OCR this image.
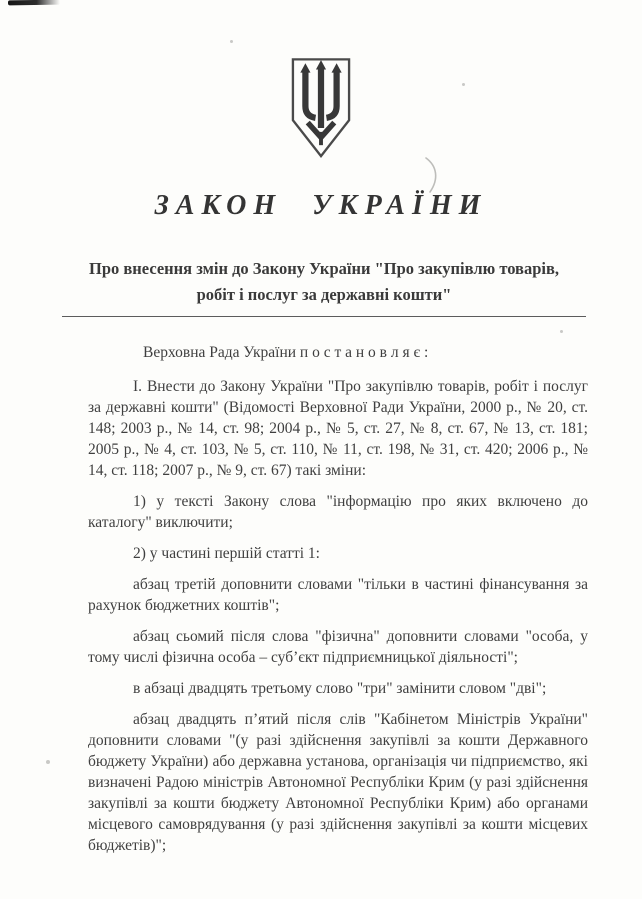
ЗАКОН УКРАЇНИ
Про внесення змін до Закону України "Про закупівлю товарів,
робіт і послуг за державні кошти"

Верховна Рада України п о с т а н о в л я є :

I. Внести до Закону України "Про закупівлю товарів, робіт і послуг за державні кошти" (Відомості Верховної Ради України, 2000 р., № 20, ст. 148; 2003 р., № 14, ст. 98; 2004 р., № 5, ст. 27, № 8, ст. 67, № 13, ст. 181; 2005 р., № 4, ст. 103, № 5, ст. 110, № 11, ст. 198, № 31, ст. 420; 2006 р., № 14, ст. 118; 2007 р., № 9, ст. 67) такі зміни:

1) у тексті Закону слова "інформацію про яких включено до каталогу" виключити;

2) у частині першій статті 1:

абзац третій доповнити словами "тільки в частині фінансування за рахунок бюджетних коштів";

абзац сьомий після слова "фізична" доповнити словами "особа, у тому числі фізична особа – суб’єкт підприємницької діяльності";

в абзаці двадцять третьому слово "три" замінити словом "дві";

абзац двадцять п’ятий після слів "Кабінетом Міністрів України" доповнити словами "(у разі здійснення закупівлі за кошти Державного бюджету України) або державна установа, організація чи підприємство, які визначені Радою міністрів Автономної Республіки Крим (у разі здійснення закупівлі за кошти бюджету Автономної Республіки Крим) або органами місцевого самоврядування (у разі здійснення закупівлі за кошти місцевих бюджетів)";
